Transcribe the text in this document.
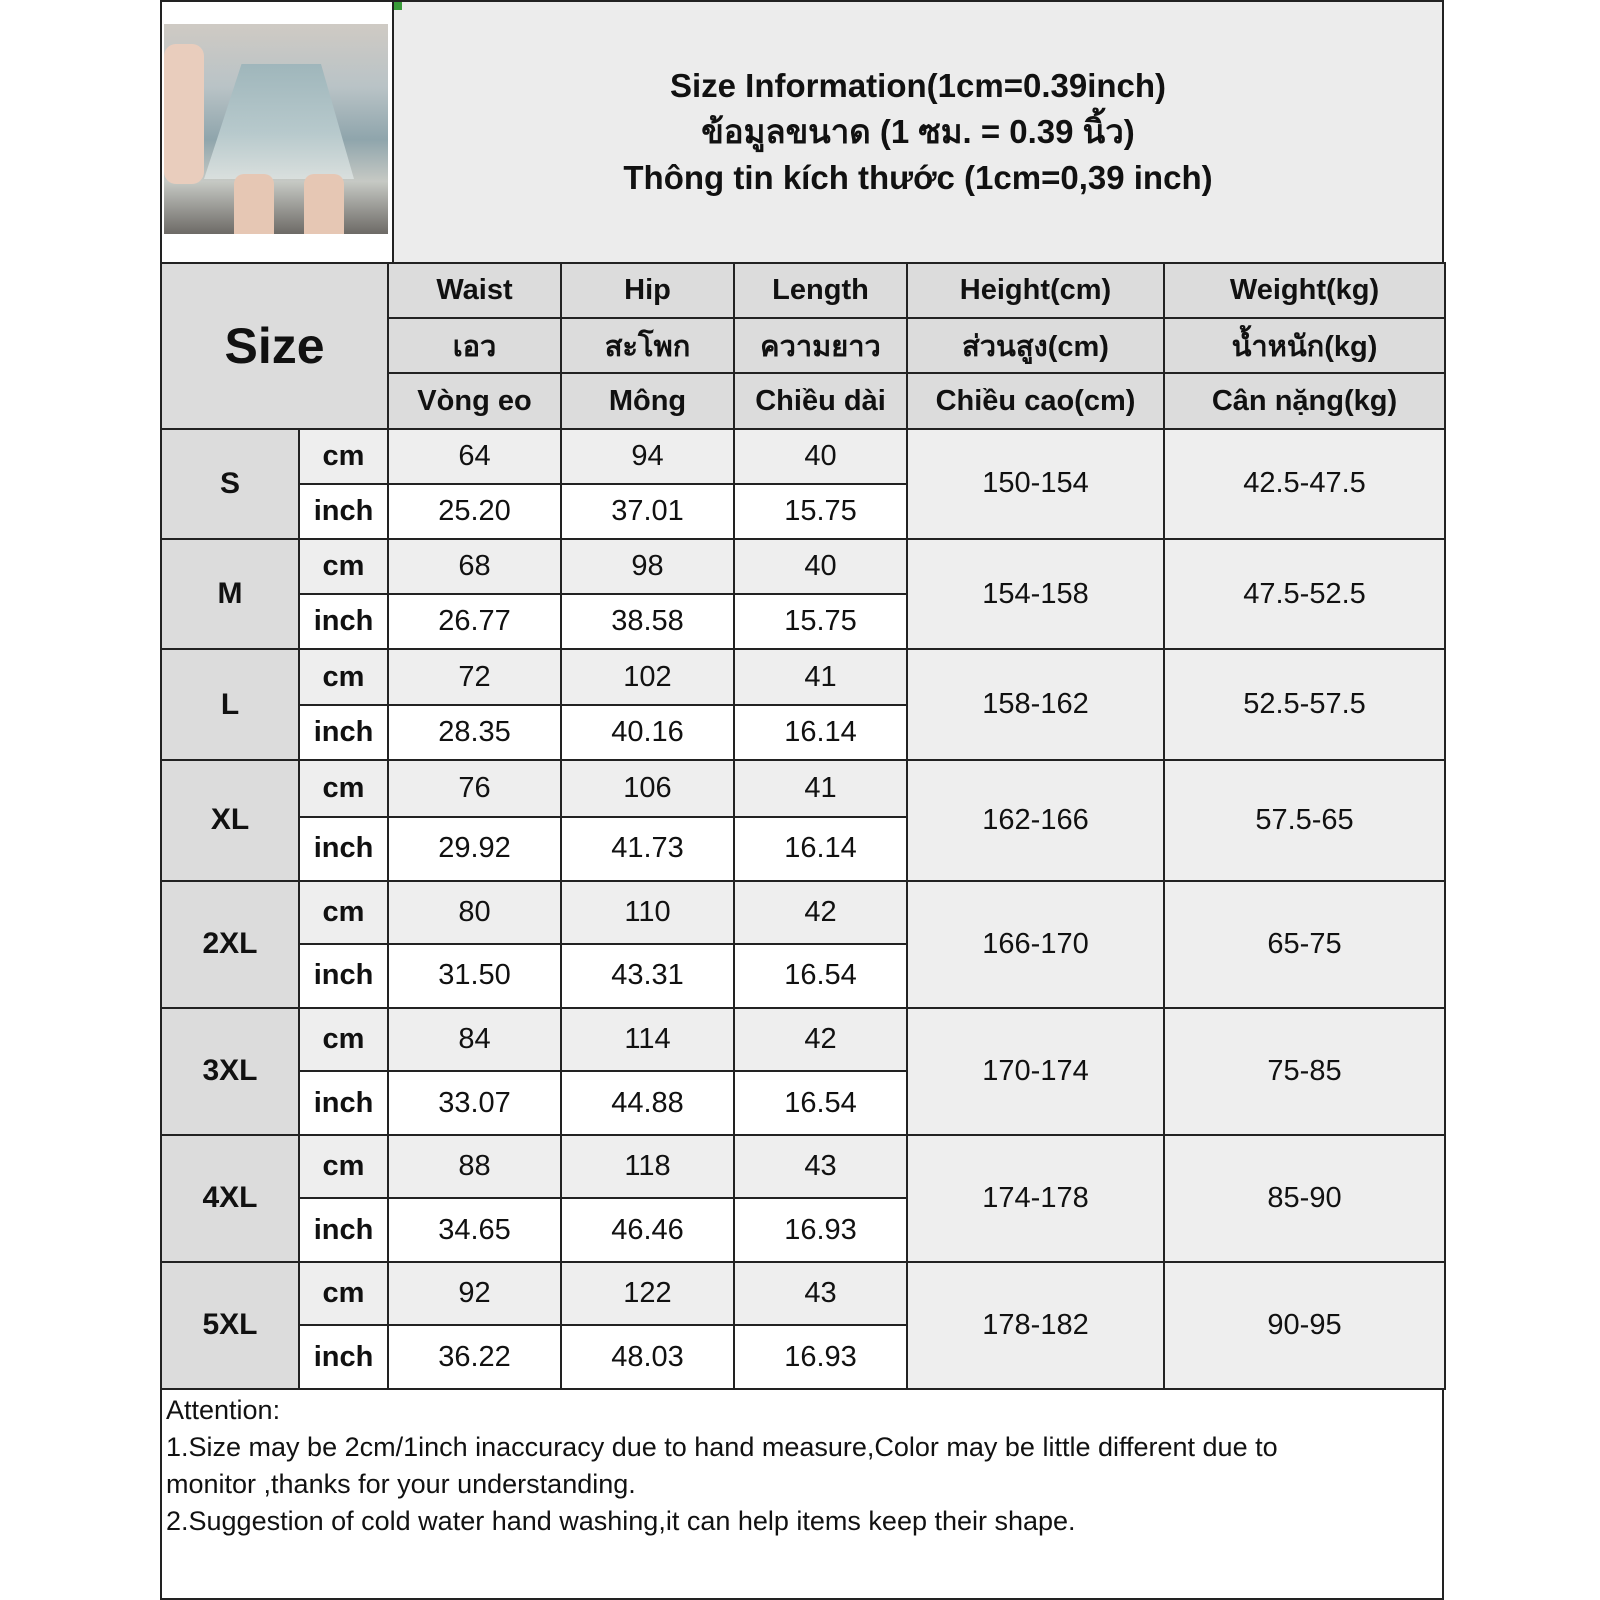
Size Information(1cm=0.39inch)
ข้อมูลขนาด (1 ซม. = 0.39 นิ้ว)
Thông tin kích thước (1cm=0,39 inch)
Size		Waist	Hip	Length	Height(cm)	Weight(kg)
		เอว	สะโพก	ความยาว	ส่วนสูง(cm)	น้ำหนัก(kg)
		Vòng eo	Mông	Chiều dài	Chiều cao(cm)	Cân nặng(kg)
S	cm	64	94	40	150-154	42.5-47.5
	inch	25.20	37.01	15.75		
M	cm	68	98	40	154-158	47.5-52.5
	inch	26.77	38.58	15.75		
L	cm	72	102	41	158-162	52.5-57.5
	inch	28.35	40.16	16.14		
XL	cm	76	106	41	162-166	57.5-65
	inch	29.92	41.73	16.14		
2XL	cm	80	110	42	166-170	65-75
	inch	31.50	43.31	16.54		
3XL	cm	84	114	42	170-174	75-85
	inch	33.07	44.88	16.54		
4XL	cm	88	118	43	174-178	85-90
	inch	34.65	46.46	16.93		
5XL	cm	92	122	43	178-182	90-95
	inch	36.22	48.03	16.93		

Attention:

1.Size may be 2cm/1inch inaccuracy due to hand measure,Color may be little different due to

monitor ,thanks for your understanding.

2.Suggestion of cold water hand washing,it can help items keep their shape.
